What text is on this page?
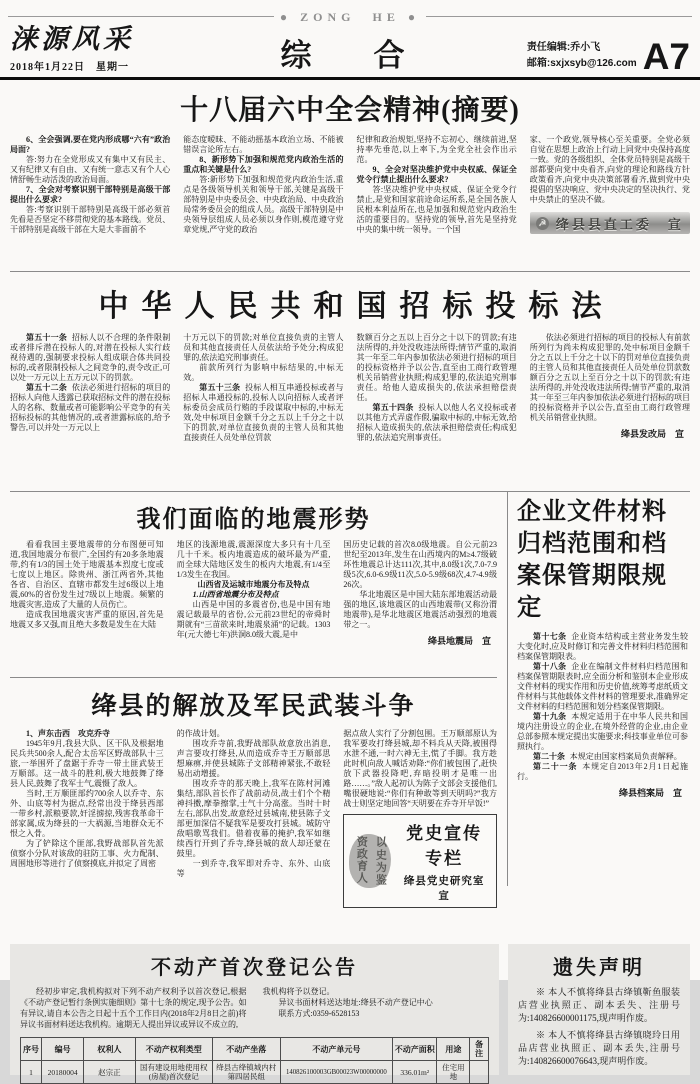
● ZONG　HE ●
涞源风采
2018年1月22日　星期一	综　　合	责任编辑:乔小飞
邮箱:sxjxsyb@126.com A7
十八届六中全会精神(摘要)

6、全会强调,要在党内形成哪“六有”政治局面?

答:努力在全党形成又有集中又有民主、又有纪律又有自由、又有统一意志又有个人心情舒畅生动活泼的政治局面。

7、全会对考察识别干部特别是高级干部提出什么要求?

答:考察识别干部特别是高级干部必须首先看是否坚定不移贯彻党的基本路线。党员、干部特别是高级干部在大是大非面前不

能态度暧昧、不能动摇基本政治立场、不能被错误言论所左右。

8、新形势下加强和规范党内政治生活的重点和关键是什么?

答:新形势下加强和规范党内政治生活,重点是各级领导机关和领导干部,关键是高级干部特别是中央委员会、中央政治局、中央政治局常务委员会的组成人员。高级干部特别是中央领导层组成人员必须以身作则,模范遵守党章党规,严守党的政治

纪律和政治规矩,坚持不忘初心、继续前进,坚持率先垂范,以上率下,为全党全社会作出示范。

9、全会对坚决维护党中央权威、保证全党令行禁止提出什么要求?

答:坚决维护党中央权威、保证全党令行禁止,是党和国家前途命运所系,是全国各族人民根本利益所在,也是加强和规范党内政治生活的重要目的。坚持党的领导,首先是坚持党中央的集中统一领导。一个国

家、一个政党,领导核心至关重要。全党必须自觉在思想上政治上行动上同党中央保持高度一致。党的各级组织、全体党员特别是高级干部都要向党中央看齐,向党的理论和路线方针政策看齐,向党中央决策部署看齐,做到党中央提倡的坚决响应、党中央决定的坚决执行、党中央禁止的坚决不做。

☭ 绛县县直工委　宣
中华人民共和国招标投标法

第五十一条 招标人以不合理的条件限制或者排斥潜在投标人的,对潜在投标人实行歧视待遇的,强制要求投标人组成联合体共同投标的,或者限制投标人之间竞争的,责令改正,可以处一万元以上五万元以下的罚款。

第五十二条 依法必须进行招标的项目的招标人向他人透露已获取招标文件的潜在投标人的名称、数量或者可能影响公平竞争的有关招标投标的其他情况的,或者泄露标底的,给予警告,可以并处一万元以上

十万元以下的罚款;对单位直接负责的主管人员和其他直接责任人员依法给予处分;构成犯罪的,依法追究刑事责任。

前款所列行为影响中标结果的,中标无效。

第五十三条 投标人相互串通投标或者与招标人串通投标的,投标人以向招标人或者评标委员会成员行贿的手段谋取中标的,中标无效,处中标项目金额千分之五以上千分之十以下的罚款,对单位直接负责的主管人员和其他直接责任人员处单位罚款

数额百分之五以上百分之十以下的罚款;有违法所得的,并处没收违法所得;情节严重的,取消其一年至二年内参加依法必须进行招标的项目的投标资格并予以公告,直至由工商行政管理机关吊销营业执照;构成犯罪的,依法追究刑事责任。给他人造成损失的,依法承担赔偿责任。

第五十四条 投标人以他人名义投标或者以其他方式弄虚作假,骗取中标的,中标无效,给招标人造成损失的,依法承担赔偿责任;构成犯罪的,依法追究刑事责任。

依法必须进行招标的项目的投标人有前款所列行为尚未构成犯罪的,处中标项目金额千分之五以上千分之十以下的罚对单位直接负责的主管人员和其他直接责任人员处单位罚款数额百分之五以上至百分之十以下的罚款;有违法所得的,并处没收违法所得;情节严重的,取消其一年至三年内参加依法必须进行招标的项目的投标资格并予以公告,直至由工商行政管理机关吊销营业执照。

绛县发改局　宣
我们面临的地震形势

看看我国主要地震带的分布图便可知道,我国地震分布很广,全国约有20多条地震带,约有1/3的国土处于地震基本烈度七度或七度以上地区。除贵州、浙江两省外,其他各省、自治区、直辖市都发生过6级以上地震,60%的省份发生过7级以上地震。频繁的地震灾害,造成了大量的人员伤亡。

造成我国地震灾害严重的原因,首先是地震又多又强,而且绝大多数是发生在大陆

地区的浅源地震,震源深度大多只有十几至几十千米。板内地震造成的破坏最为严重,而全球大陆地区发生的板内大地震,有1/4至1/3发生在我国。

山西省及运城市地震分布及特点

1.山西省地震分布及特点

山西是中国的多震省份,也是中国有地震记载最早的省份,公元前23世纪的帝舜时期就有“三苗欲来时,地震泉涌”的记载。1303年(元大德七年)洪洞8.0级大震,是中

国历史记载的首次8.0级地震。自公元前23世纪至2013年,发生在山西境内的M≥4.7级破坏性地震总计达111次,其中,8.0级1次,7.0-7.9级5次,6.0-6.9级11次,5.0-5.9级68次,4.7-4.9级26次。

华北地震区是中国大陆东部地震活动最强的地区,该地震区的山西地震带(又称汾渭地震带),是华北地震区地震活动强烈的地震带之一。

绛县地震局　宣
绛县的解放及军民武装斗争

1、声东击西　攻克乔寺

1945年9月,我县大队、区干队及根据地民兵共500余人,配合太岳军区野战部队十三旅,一举围歼了盘踞于乔寺一带土匪武装王万顺部。这一战斗的胜利,极大地鼓舞了绛县人民,鼓舞了我军士气,震慑了敌人。

当时,王万顺匪部约700余人以乔寺、东外、山底等村为据点,经常出没于绛县西部一带乡村,派粮要款,奸淫掳掠,残害我革命干部家属,成为绛县的一大祸源,当地群众无不恨之入骨。

为了铲除这个匪部,我野战部队首先派侦察小分队对该敌的驻防工事、火力配制、周围地形等进行了侦察摸底,并拟定了周密

的作战计划。

围攻乔寺前,我野战部队故意放出消息,声言要攻打绛县,从而造成乔寺王万顺部思想麻痹,并使县城陈子文部精神紧张,不敢轻易出动增援。

围攻乔寺的那天晚上,我军在陈村河滩集结,部队首长作了战前动员,战士们个个精神抖擞,摩拳擦掌,士气十分高涨。当时十时左右,部队出发,故意经过县城南,使县陈子文部更加深信不疑我军是要攻打县城。城防守敌唱歌骂我们。借着夜幕的掩护,我军如继续西行开到了乔寺,绛县城的敌人却还蒙在鼓里。

一到乔寺,我军即对乔寺、东外、山底等

据点敌人实行了分割包围。王万顺部原认为我军要攻打绛县城,却不料兵从天降,被围得水泄不通,一时六神无主,慌了手脚。我方趁此时机向敌人喊话劝降:“你们被包围了,赶快放下武器投降吧,弃暗投明才是唯一出路……。”敌人起初认为陈子文部会支援他们,嘴很硬地说:“你们有种敢等到天明吗?”我方战士则坚定地回答“天明要在乔寺开早饭!”

以史为鉴资政育人
党史宣传专栏
绛县党史研究室　宣
企业文件材料归档范围和档案保管期限规定

第十七条 企业资本结构或主营业务发生较大变化时,应及时修订和完善文件材料归档范围和档案保管期限表。

第十八条 企业在编制文件材料归档范围和档案保管期限表时,应全面分析和鉴别本企业形成文件材料的现实作用和历史价值,统筹考虑纸质文件材料与其他载体文件材料的管理要求,准确界定文件材料的归档范围和划分档案保管期限。

第十九条 本规定适用于在中华人民共和国境内注册设立的企业,在境外经营的企业,由企业总部参照本规定提出实施要求;科技事业单位可参照执行。

第二十条 本规定由国家档案局负责解释。

第二十一条 本规定自2013年2月1日起施行。

绛县档案局　宣
不动产首次登记公告

经初步审定,我机构拟对下列不动产权利予以首次登记,根据《不动产登记暂行条例实施细则》第十七条的规定,现予公告。如有异议,请自本公告之日起十五个工作日内(2018年2月8日之前)将异议书面材料送达我机构。逾期无人提出异议或异议不成立的,

我机构将予以登记。

异议书面材料送达地址:绛县不动产登记中心

联系方式:0359-6528153

序号	编号	权利人	不动产权利类型	不动产坐落	不动产单元号	不动产面积	用途	备注
1	20180004	赵宗正	国有建设用地使用权(房屋)首次登记	绛县古绛镇城内村第四居民组	140826100003GB00023W00000000	336.01m²	住宅用地	
遗失声明

※ 本人不慎将绛县古绛镇靳鱼服装店营业执照正、副本丢失、注册号为:140826600001175,现声明作废。

※ 本人不慎将绛县古绛镇晓玲日用品店营业执照正、副本丢失,注册号为:140826600076643,现声明作废。
